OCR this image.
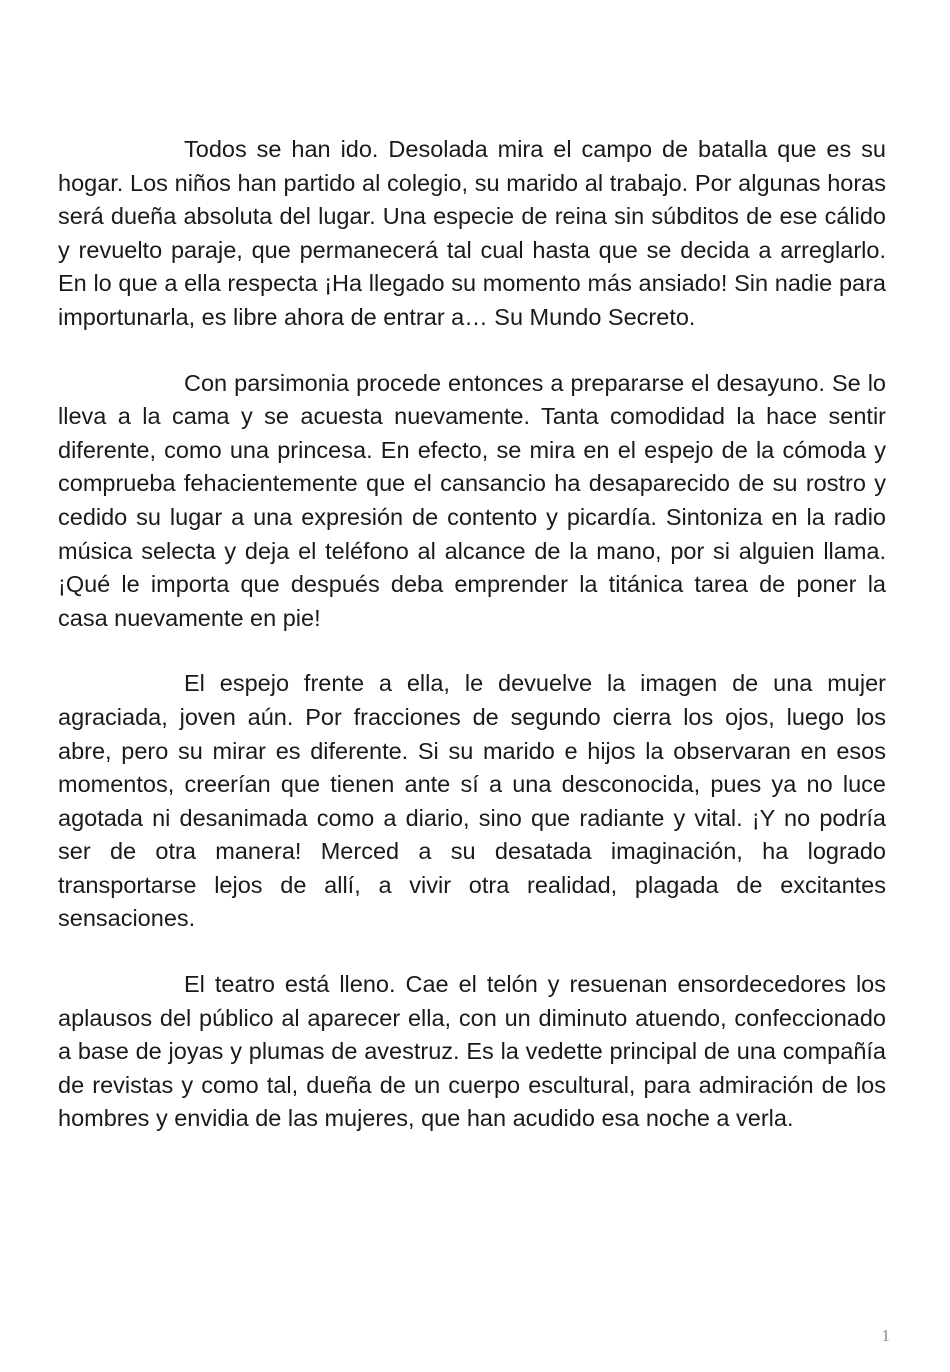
Todos se han ido. Desolada mira el campo de batalla que es su hogar. Los niños han partido al colegio, su marido al trabajo. Por algunas horas será dueña absoluta del lugar. Una especie de reina sin súbditos de ese cálido y revuelto paraje, que permanecerá tal cual hasta que se decida a arreglarlo. En lo que a ella respecta ¡Ha llegado su momento más ansiado! Sin nadie para importunarla, es libre ahora de entrar a… Su Mundo Secreto.

Con parsimonia procede entonces a prepararse el desayuno. Se lo lleva a la cama y se acuesta nuevamente. Tanta comodidad la hace sentir diferente, como una princesa. En efecto, se mira en el espejo de la cómoda y comprueba fehacientemente que el cansancio ha desaparecido de su rostro y cedido su lugar a una expresión de contento y picardía. Sintoniza en la radio música selecta y deja el teléfono al alcance de la mano, por si alguien llama. ¡Qué le importa que después deba emprender la titánica tarea de poner la casa nuevamente en pie!

El espejo frente a ella, le devuelve la imagen de una mujer agraciada, joven aún. Por fracciones de segundo cierra los ojos, luego los abre, pero su mirar es diferente. Si su marido e hijos la observaran en esos momentos, creerían que tienen ante sí a una desconocida, pues ya no luce agotada ni desanimada como a diario, sino que radiante y vital. ¡Y no podría ser de otra manera! Merced a su desatada imaginación, ha logrado transportarse lejos de allí, a vivir otra realidad, plagada de excitantes sensaciones.

El teatro está lleno. Cae el telón y resuenan ensordecedores los aplausos del público al aparecer ella, con un diminuto atuendo, confeccionado a base de joyas y plumas de avestruz. Es la vedette principal de una compañía de revistas y como tal, dueña de un cuerpo escultural, para admiración de los hombres y envidia de las mujeres, que han acudido esa noche a verla.

1
